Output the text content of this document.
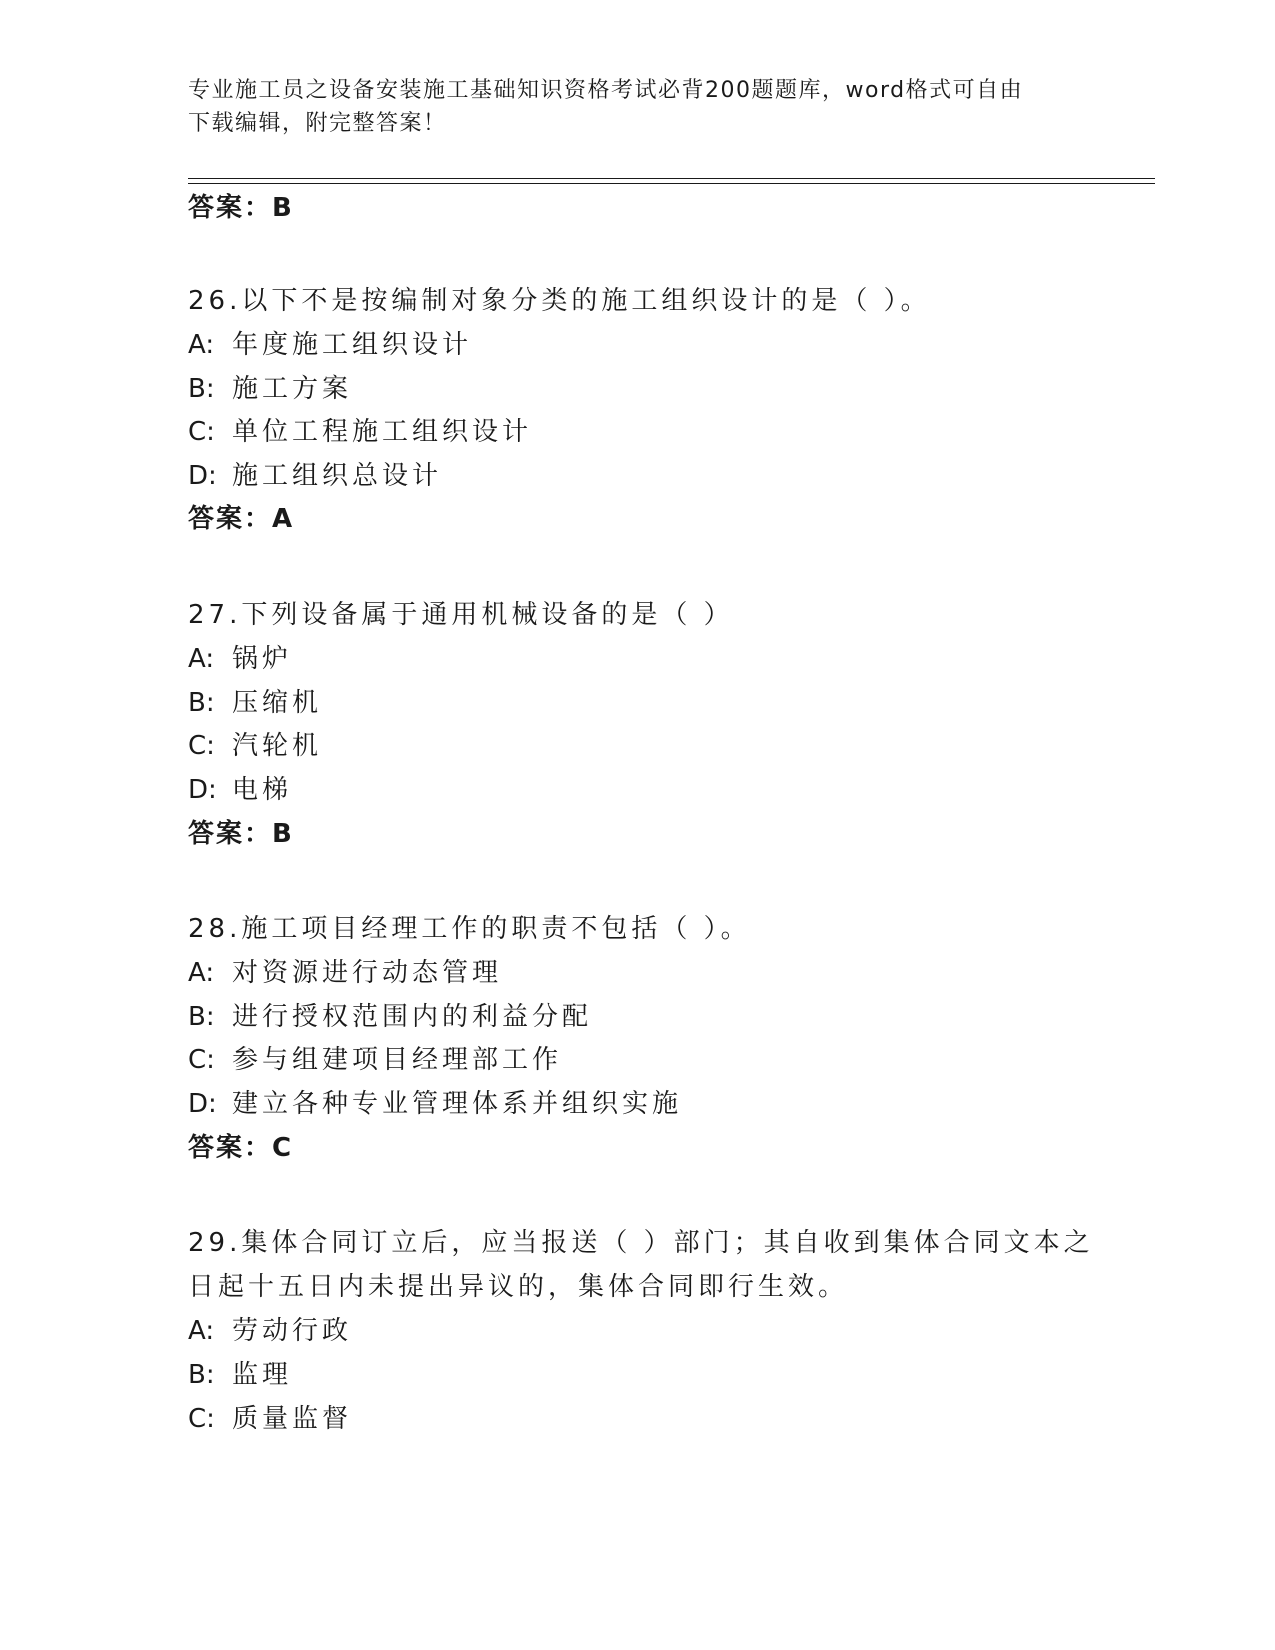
专业施工员之设备安装施工基础知识资格考试必背200题题库，word格式可自由
下载编辑，附完整答案！
答案：B
26.以下不是按编制对象分类的施工组织设计的是（ ）。
A: 年度施工组织设计
B: 施工方案
C: 单位工程施工组织设计
D: 施工组织总设计
答案：A
27.下列设备属于通用机械设备的是（ ）
A: 锅炉
B: 压缩机
C: 汽轮机
D: 电梯
答案：B
28.施工项目经理工作的职责不包括（ ）。
A: 对资源进行动态管理
B: 进行授权范围内的利益分配
C: 参与组建项目经理部工作
D: 建立各种专业管理体系并组织实施
答案：C
29.集体合同订立后，应当报送（ ）部门；其自收到集体合同文本之
日起十五日内未提出异议的，集体合同即行生效。
A: 劳动行政
B: 监理
C: 质量监督
